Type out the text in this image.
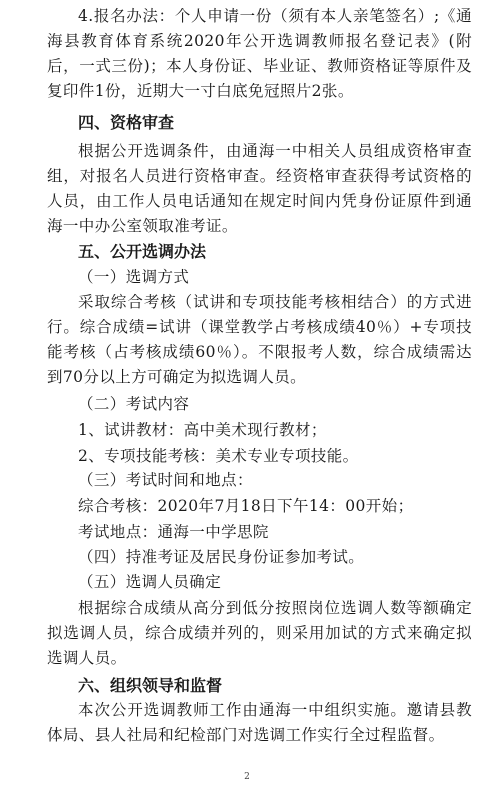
4.报名办法：个人申请一份（须有本人亲笔签名）;《通海县教育体育系统2020年公开选调教师报名登记表》(附后，一式三份)；本人身份证、毕业证、教师资格证等原件及复印件1份，近期大一寸白底免冠照片2张。

四、资格审查

根据公开选调条件，由通海一中相关人员组成资格审查组，对报名人员进行资格审查。经资格审查获得考试资格的人员，由工作人员电话通知在规定时间内凭身份证原件到通海一中办公室领取准考证。

五、公开选调办法

（一）选调方式

采取综合考核（试讲和专项技能考核相结合）的方式进行。综合成绩=试讲（课堂教学占考核成绩40％）+专项技能考核（占考核成绩60％）。不限报考人数，综合成绩需达到70分以上方可确定为拟选调人员。

（二）考试内容

1、试讲教材：高中美术现行教材；

2、专项技能考核：美术专业专项技能。

（三）考试时间和地点：

综合考核：2020年7月18日下午14：00开始；

考试地点：通海一中学思院

（四）持准考证及居民身份证参加考试。

（五）选调人员确定

根据综合成绩从高分到低分按照岗位选调人数等额确定拟选调人员，综合成绩并列的，则采用加试的方式来确定拟选调人员。

六、组织领导和监督

本次公开选调教师工作由通海一中组织实施。邀请县教体局、县人社局和纪检部门对选调工作实行全过程监督。

2
